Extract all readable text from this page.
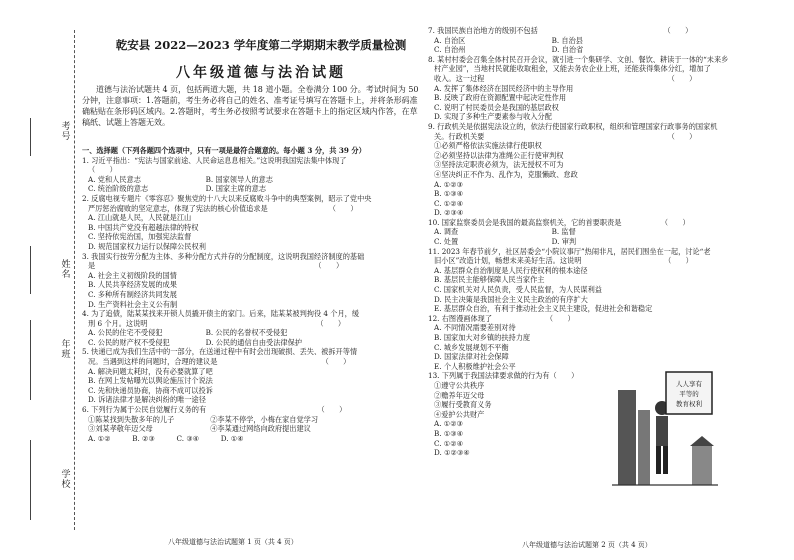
考号
姓名
年 班
学校
乾安县 2022—2023 学年度第二学期期末教学质量检测
八年级道德与法治试题
道德与法治试题共 4 页，包括两道大题，共 18 道小题。全卷满分 100 分。考试时间为 50 分钟，注意事项：1.答题前，考生务必将自己的姓名、准考证号填写在答题卡上，并将条形码准确粘贴在条形码区域内。2.答题时，考生务必按照考试要求在答题卡上的指定区域内作答，在草稿纸、试题上答题无效。
一、选择题（下列各题四个选项中，只有一项是最符合题意的。每小题 3 分，共 39 分）
1. 习近平指出：“宪法与国家前途、人民命运息息相关。”这说明我国宪法集中体现了
（　　）
A. 党和人民意志　　　　　　　　　B. 国家领导人的意志
C. 统治阶级的意志　　　　　　　　D. 国家主席的意志
2. 反腐电视专题片《零容忍》聚焦党的十八大以来反腐败斗争中的典型案例，昭示了党中央
严厉惩治腐败的坚定意志，体现了宪法的核心价值追求是　　　　　　　　　（　　）
A. 江山就是人民，人民就是江山
B. 中国共产党没有超越法律的特权
C. 坚持依宪治国，加强宪法监督
D. 规范国家权力运行以保障公民权利
3. 我国实行按劳分配为主体、多种分配方式并存的分配制度，这说明我国经济制度的基础
是　　　　　　　　　　　　　　　　　　　　　　　　　　　　　　　（　　）
A. 社会主义初级阶段的国情
B. 人民共享经济发展的成果
C. 多种所有制经济共同发展
D. 生产资料社会主义公有制
4. 为了追债，陆某某找来开锁人员撬开债主的家门。后来，陆某某被判拘役 4 个月，缓
刑 6 个月。这说明　　　　　　　　　　　　　　　　　　　　　　　　（　　）
A. 公民的住宅不受侵犯　　　　　　B. 公民的名誉权不受侵犯
C. 公民的财产权不受侵犯　　　　　D. 公民的通信自由受法律保护
5. 快递已成为我们生活中的一部分，在送递过程中有时会出现破损、丢失、被拆开等情
况。当遇到这样的问题时，合理的建议是　　　　　　　　　　　　　　　（　　）
A. 解决问题太耗时，没有必要就算了吧
B. 在网上发帖曝光以舆论施压讨个说法
C. 先和快递员协商，协商不成可以投诉
D. 诉诸法律才是解决纠纷的唯一途径
6. 下列行为属于公民自觉履行义务的有　　　　　　　　　　　　　　　　（　　）
①陈某找到失散多年的儿子　　　　　②李某不停学，小梅在家自觉学习
③刘某孝敬年迈父母　　　　　　　　④李某通过网络向政府提出建议
A. ①②　　　B. ②③　　　C. ③④　　　D. ①④
7. 我国民族自治地方的级别不包括　　　　　　　　　　　　　　　　　　（　　）
A. 自治区　　　　　　　　　　　　B. 自治县
C. 自治州　　　　　　　　　　　　D. 自治省
8. 某村村委会召集全体村民召开会议，就引进一个集研学、文创、餐饮、耕读于一体的“未来乡
村产业园”，当地村民就能收取租金，又能去务农企业上班，还能获得集体分红，增加了
收入。这一过程　　　　　　　　　　　　　　　　　　　　　　　　　　（　　）
A. 发挥了集体经济在国民经济中的主导作用
B. 反映了政府在资源配置中起决定性作用
C. 说明了村民委员会是我国的基层政权
D. 实现了多种生产要素参与收入分配
9. 行政机关是依据宪法设立的，依法行使国家行政职权，组织和管理国家行政事务的国家机
关。行政机关要　　　　　　　　　　　　　　　　　　　　　　　　　　（　　）
①必须严格依法实施法律行使职权
②必须坚持以法律为准绳公正行使审判权
③坚持法定职责必须为，法无授权不可为
④坚决纠正不作为、乱作为，克服懒政、怠政
A. ①②③
B. ①③④
C. ①②④
D. ②③④
10. 国家监察委员会是我国的最高监察机关，它的首要职责是　　　　　　（　　）
A. 调查　　　　　　　　　　　　　B. 监督
C. 处置　　　　　　　　　　　　　D. 审判
11. 2023 年春节前夕，社区居委会“小院议事厅”热闹非凡，居民们围坐在一起，讨论“老
旧小区”改造计划，畅想未来美好生活。这说明　　　　　　　　　　　　（　　）
A. 基层群众自治制度是人民行使权利的根本途径
B. 基层民主能够保障人民当家作主
C. 国家机关对人民负责，受人民监督，为人民谋利益
D. 民主决策是我国社会主义民主政治的有序扩大
E. 基层群众自治，有利于推动社会主义民主建设，促进社会和谐稳定
12. 右图漫画体现了　　　　　　　　（　　）
A. 不同情况需要差别对待
B. 国家加大对乡镇的扶持力度
C. 城乡发展规划不平衡
D. 国家法律对社会保障
E. 个人积极维护社会公平
13. 下列属于我国法律要求做的行为有（　　）
①遵守公共秩序
②赡养年迈父母
③履行受教育义务
④爱护公共财产
A. ①②③
B. ①③④
C. ①②④
D. ①②③④
人人享有
平等的
教育权利
八年级道德与法治试题第 1 页（共 4 页）	八年级道德与法治试题第 2 页（共 4 页）
